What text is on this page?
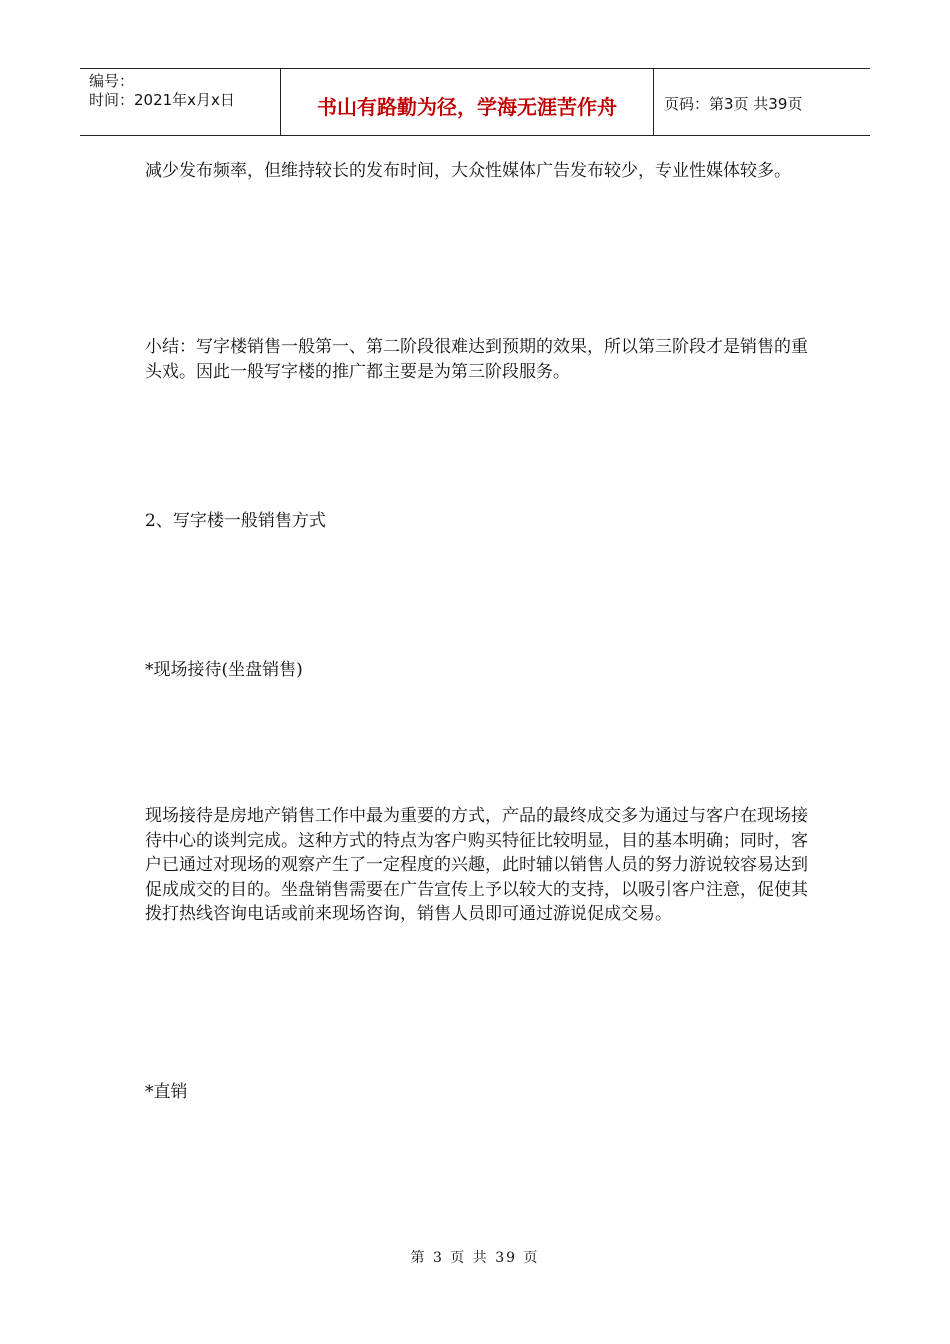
编号：
时间：2021年x月x日	书山有路勤为径，学海无涯苦作舟	页码：第3页 共39页

减少发布频率，但维持较长的发布时间，大众性媒体广告发布较少，专业性媒体较多。

小结：写字楼销售一般第一、第二阶段很难达到预期的效果，所以第三阶段才是销售的重头戏。因此一般写字楼的推广都主要是为第三阶段服务。

2、写字楼一般销售方式

*现场接待(坐盘销售)

现场接待是房地产销售工作中最为重要的方式，产品的最终成交多为通过与客户在现场接待中心的谈判完成。这种方式的特点为客户购买特征比较明显，目的基本明确；同时，客户已通过对现场的观察产生了一定程度的兴趣，此时辅以销售人员的努力游说较容易达到促成成交的目的。坐盘销售需要在广告宣传上予以较大的支持，以吸引客户注意，促使其拨打热线咨询电话或前来现场咨询，销售人员即可通过游说促成交易。

*直销

第 3 页 共 39 页
